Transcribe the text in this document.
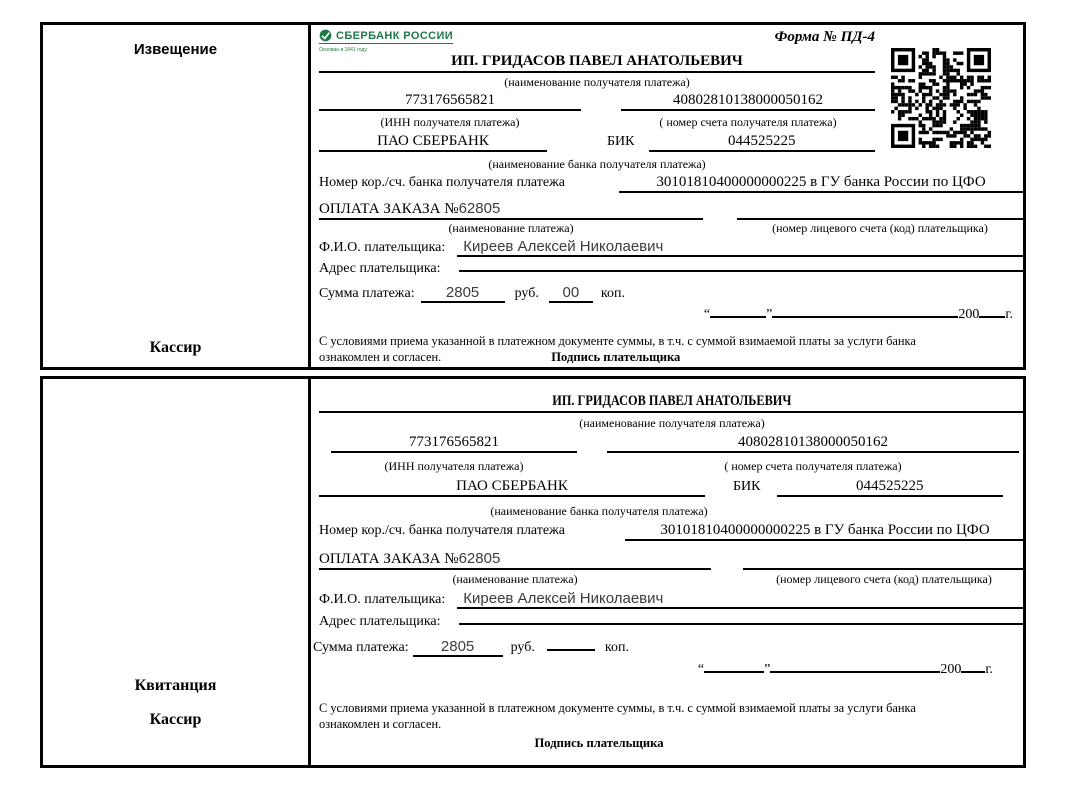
Извещение
Кассир
СБЕРБАНК РОССИИ
Основан в 1841 году
Форма № ПД-4
ИП. ГРИДАСОВ ПАВЕЛ АНАТОЛЬЕВИЧ
(наименование получателя платежа)
773176565821	40802810138000050162
(ИНН получателя платежа)	( номер счета получателя платежа)
ПАО СБЕРБАНК	БИК	044525225
(наименование банка получателя платежа)
Номер кор./сч. банка получателя платежа	30101810400000000225 в ГУ банка России по ЦФО
ОПЛАТА ЗАКАЗА №62805
(наименование платежа)	(номер лицевого счета (код) плательщика)
Ф.И.О. плательщика:	Киреев Алексей Николаевич
Адрес плательщика:
Сумма платежа:	2805	руб.	00	коп.
“	”	200 г.
С условиями приема указанной в платежном документе суммы, в т.ч. с суммой взимаемой платы за услуги банка
ознакомлен и согласен.	Подпись плательщика
Квитанция
Кассир
ИП. ГРИДАСОВ ПАВЕЛ АНАТОЛЬЕВИЧ
(наименование получателя платежа)
773176565821	40802810138000050162
(ИНН получателя платежа)	( номер счета получателя платежа)
ПАО СБЕРБАНК	БИК	044525225
(наименование банка получателя платежа)
Номер кор./сч. банка получателя платежа	30101810400000000225 в ГУ банка России по ЦФО
ОПЛАТА ЗАКАЗА №62805
(наименование платежа)	(номер лицевого счета (код) плательщика)
Ф.И.О. плательщика:	Киреев Алексей Николаевич
Адрес плательщика:
Сумма платежа:	2805	руб.	коп.
“	”	200 г.
С условиями приема указанной в платежном документе суммы, в т.ч. с суммой взимаемой платы за услуги банка
ознакомлен и согласен.
Подпись плательщика
